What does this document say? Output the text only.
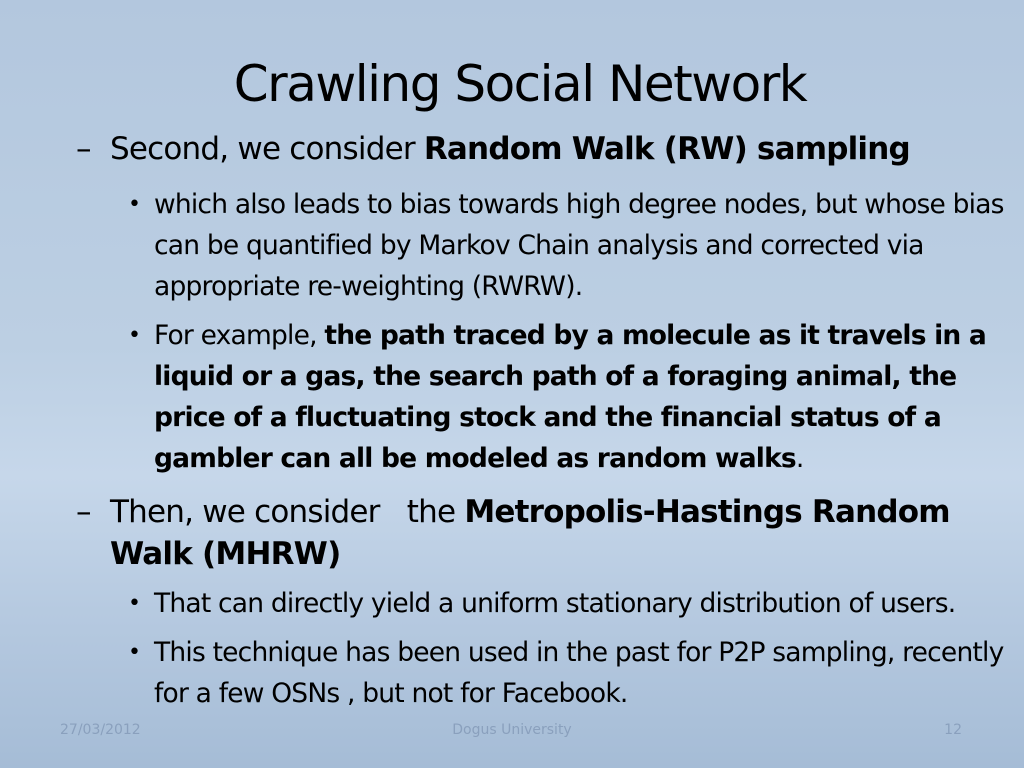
Crawling Social Network
– Second, we consider Random Walk (RW) sampling
• which also leads to bias towards high degree nodes, but whose bias can be quantified by Markov Chain analysis and corrected via appropriate re-weighting (RWRW).
• For example, the path traced by a molecule as it travels in a liquid or a gas, the search path of a foraging animal, the price of a fluctuating stock and the financial status of a gambler can all be modeled as random walks.
– Then, we consider   the Metropolis-Hastings Random Walk (MHRW)
• That can directly yield a uniform stationary distribution of users.
• This technique has been used in the past for P2P sampling, recently for a few OSNs , but not for Facebook.
27/03/2012	Dogus University	12
